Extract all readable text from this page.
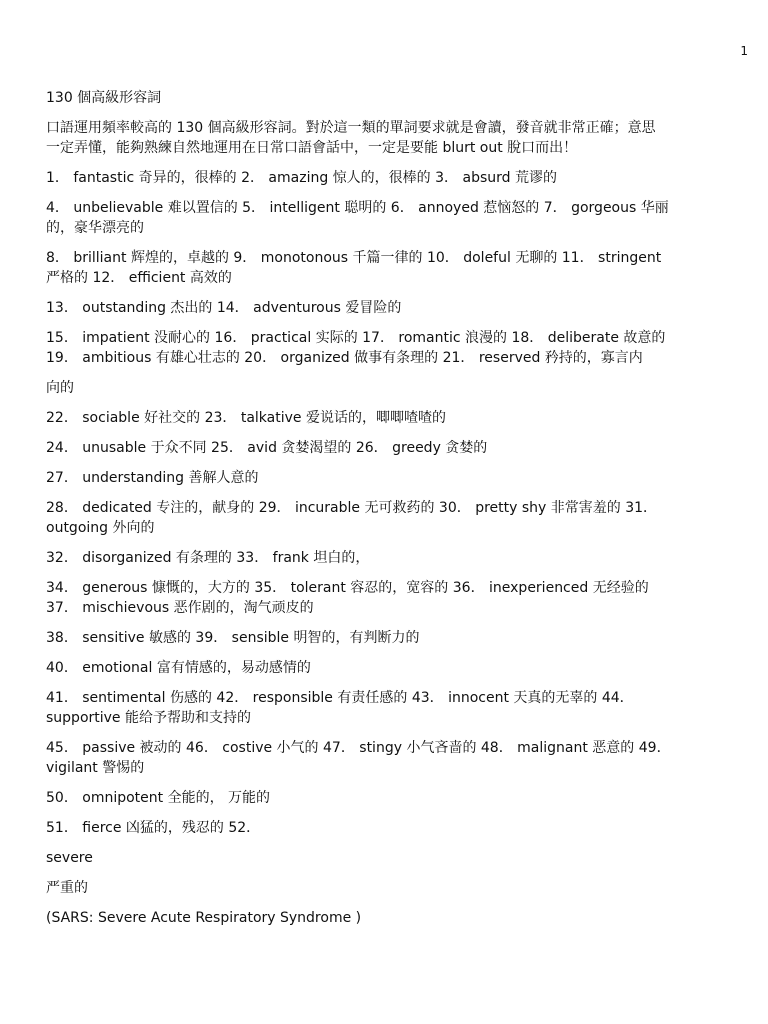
1

130 個高級形容詞

口語運用頻率較高的 130 個高級形容詞。對於這一類的單詞要求就是會讀，發音就非常正確；意思
一定弄懂，能夠熟練自然地運用在日常口語會話中，一定是要能 blurt out 脫口而出！

1． fantastic 奇异的，很棒的 2． amazing 惊人的，很棒的 3． absurd 荒谬的

4． unbelievable 难以置信的 5． intelligent 聪明的 6． annoyed 惹恼怒的 7． gorgeous 华丽
的，豪华漂亮的

8． brilliant 辉煌的，卓越的 9． monotonous 千篇一律的 10． doleful 无聊的 11． stringent
严格的 12． efficient 高效的

13． outstanding 杰出的 14． adventurous 爱冒险的

15． impatient 没耐心的 16． practical 实际的 17． romantic 浪漫的 18． deliberate 故意的
19． ambitious 有雄心壮志的 20． organized 做事有条理的 21． reserved 矜持的，寡言内

向的

22． sociable 好社交的 23． talkative 爱说话的，唧唧喳喳的

24． unusable 于众不同 25． avid 贪婪渴望的 26． greedy 贪婪的

27． understanding 善解人意的

28． dedicated 专注的，献身的 29． incurable 无可救药的 30． pretty shy 非常害羞的 31．
outgoing 外向的

32． disorganized 有条理的 33． frank 坦白的，

34． generous 慷慨的，大方的 35． tolerant 容忍的，宽容的 36． inexperienced 无经验的
37． mischievous 恶作剧的，淘气顽皮的

38． sensitive 敏感的 39． sensible 明智的，有判断力的

40． emotional 富有情感的，易动感情的

41． sentimental 伤感的 42． responsible 有责任感的 43． innocent 天真的无辜的 44．
supportive 能给予帮助和支持的

45． passive 被动的 46． costive 小气的 47． stingy 小气吝啬的 48． malignant 恶意的 49．
vigilant 警惕的

50． omnipotent 全能的， 万能的

51． fierce 凶猛的，残忍的 52．

severe

严重的

(SARS: Severe Acute Respiratory Syndrome )
